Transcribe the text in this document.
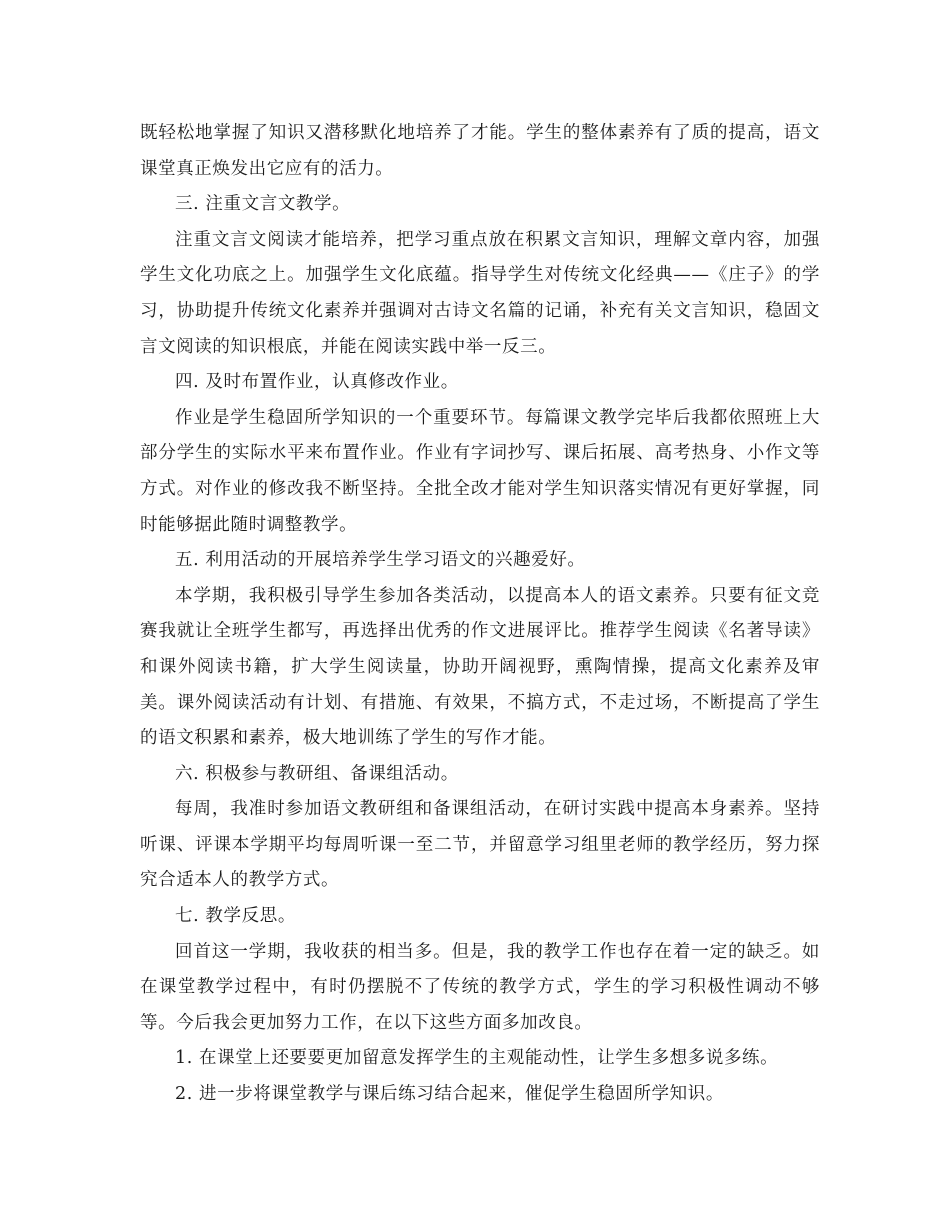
既轻松地掌握了知识又潜移默化地培养了才能。学生的整体素养有了质的提高，语文课堂真正焕发出它应有的活力。

三. 注重文言文教学。

注重文言文阅读才能培养，把学习重点放在积累文言知识，理解文章内容，加强学生文化功底之上。加强学生文化底蕴。指导学生对传统文化经典——《庄子》的学习，协助提升传统文化素养并强调对古诗文名篇的记诵，补充有关文言知识，稳固文言文阅读的知识根底，并能在阅读实践中举一反三。

四. 及时布置作业，认真修改作业。

作业是学生稳固所学知识的一个重要环节。每篇课文教学完毕后我都依照班上大部分学生的实际水平来布置作业。作业有字词抄写、课后拓展、高考热身、小作文等方式。对作业的修改我不断坚持。全批全改才能对学生知识落实情况有更好掌握，同时能够据此随时调整教学。

五. 利用活动的开展培养学生学习语文的兴趣爱好。

本学期，我积极引导学生参加各类活动，以提高本人的语文素养。只要有征文竞赛我就让全班学生都写，再选择出优秀的作文进展评比。推荐学生阅读《名著导读》和课外阅读书籍，扩大学生阅读量，协助开阔视野，熏陶情操，提高文化素养及审美。课外阅读活动有计划、有措施、有效果，不搞方式，不走过场，不断提高了学生的语文积累和素养，极大地训练了学生的写作才能。

六. 积极参与教研组、备课组活动。

每周，我准时参加语文教研组和备课组活动，在研讨实践中提高本身素养。坚持听课、评课本学期平均每周听课一至二节，并留意学习组里老师的教学经历，努力探究合适本人的教学方式。

七. 教学反思。

回首这一学期，我收获的相当多。但是，我的教学工作也存在着一定的缺乏。如在课堂教学过程中，有时仍摆脱不了传统的教学方式，学生的学习积极性调动不够等。今后我会更加努力工作，在以下这些方面多加改良。

1. 在课堂上还要要更加留意发挥学生的主观能动性，让学生多想多说多练。

2. 进一步将课堂教学与课后练习结合起来，催促学生稳固所学知识。
